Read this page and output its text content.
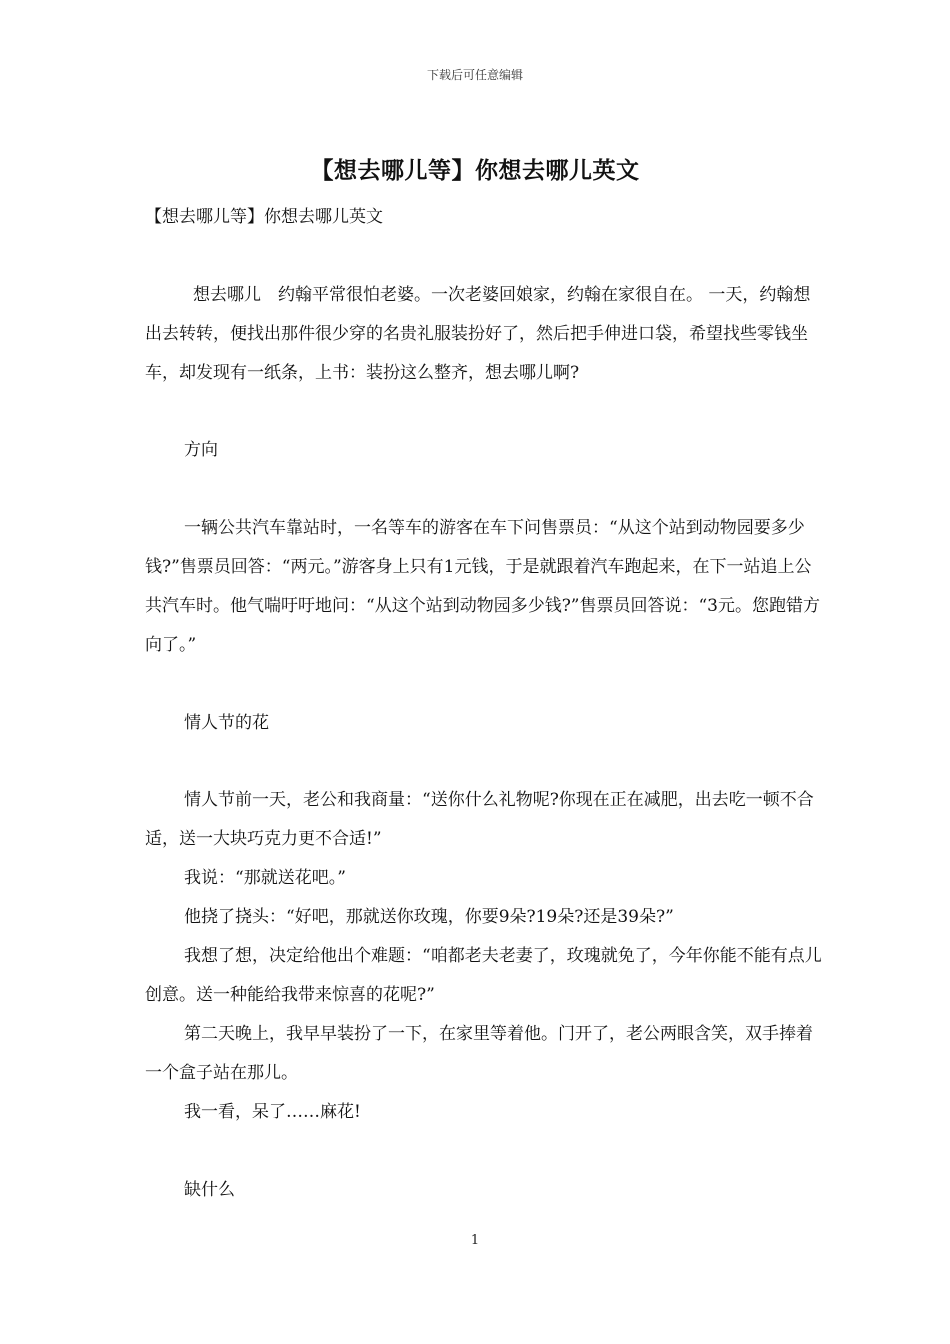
下载后可任意编辑
【想去哪儿等】你想去哪儿英文

【想去哪儿等】你想去哪儿英文

想去哪儿　约翰平常很怕老婆。一次老婆回娘家，约翰在家很自在。 一天，约翰想出去转转，便找出那件很少穿的名贵礼服装扮好了，然后把手伸进口袋，希望找些零钱坐车，却发现有一纸条，上书：装扮这么整齐，想去哪儿啊?

方向

一辆公共汽车靠站时，一名等车的游客在车下问售票员：“从这个站到动物园要多少钱?”售票员回答：“两元。”游客身上只有1元钱，于是就跟着汽车跑起来，在下一站追上公共汽车时。他气喘吁吁地问：“从这个站到动物园多少钱?”售票员回答说：“3元。您跑错方向了。”

情人节的花

情人节前一天，老公和我商量：“送你什么礼物呢?你现在正在减肥，出去吃一顿不合适，送一大块巧克力更不合适!”

我说：“那就送花吧。”

他挠了挠头：“好吧，那就送你玫瑰，你要9朵?19朵?还是39朵?”

我想了想，决定给他出个难题：“咱都老夫老妻了，玫瑰就免了，今年你能不能有点儿创意。送一种能给我带来惊喜的花呢?”

第二天晚上，我早早装扮了一下，在家里等着他。门开了，老公两眼含笑，双手捧着一个盒子站在那儿。

我一看，呆了……麻花!

缺什么

1
